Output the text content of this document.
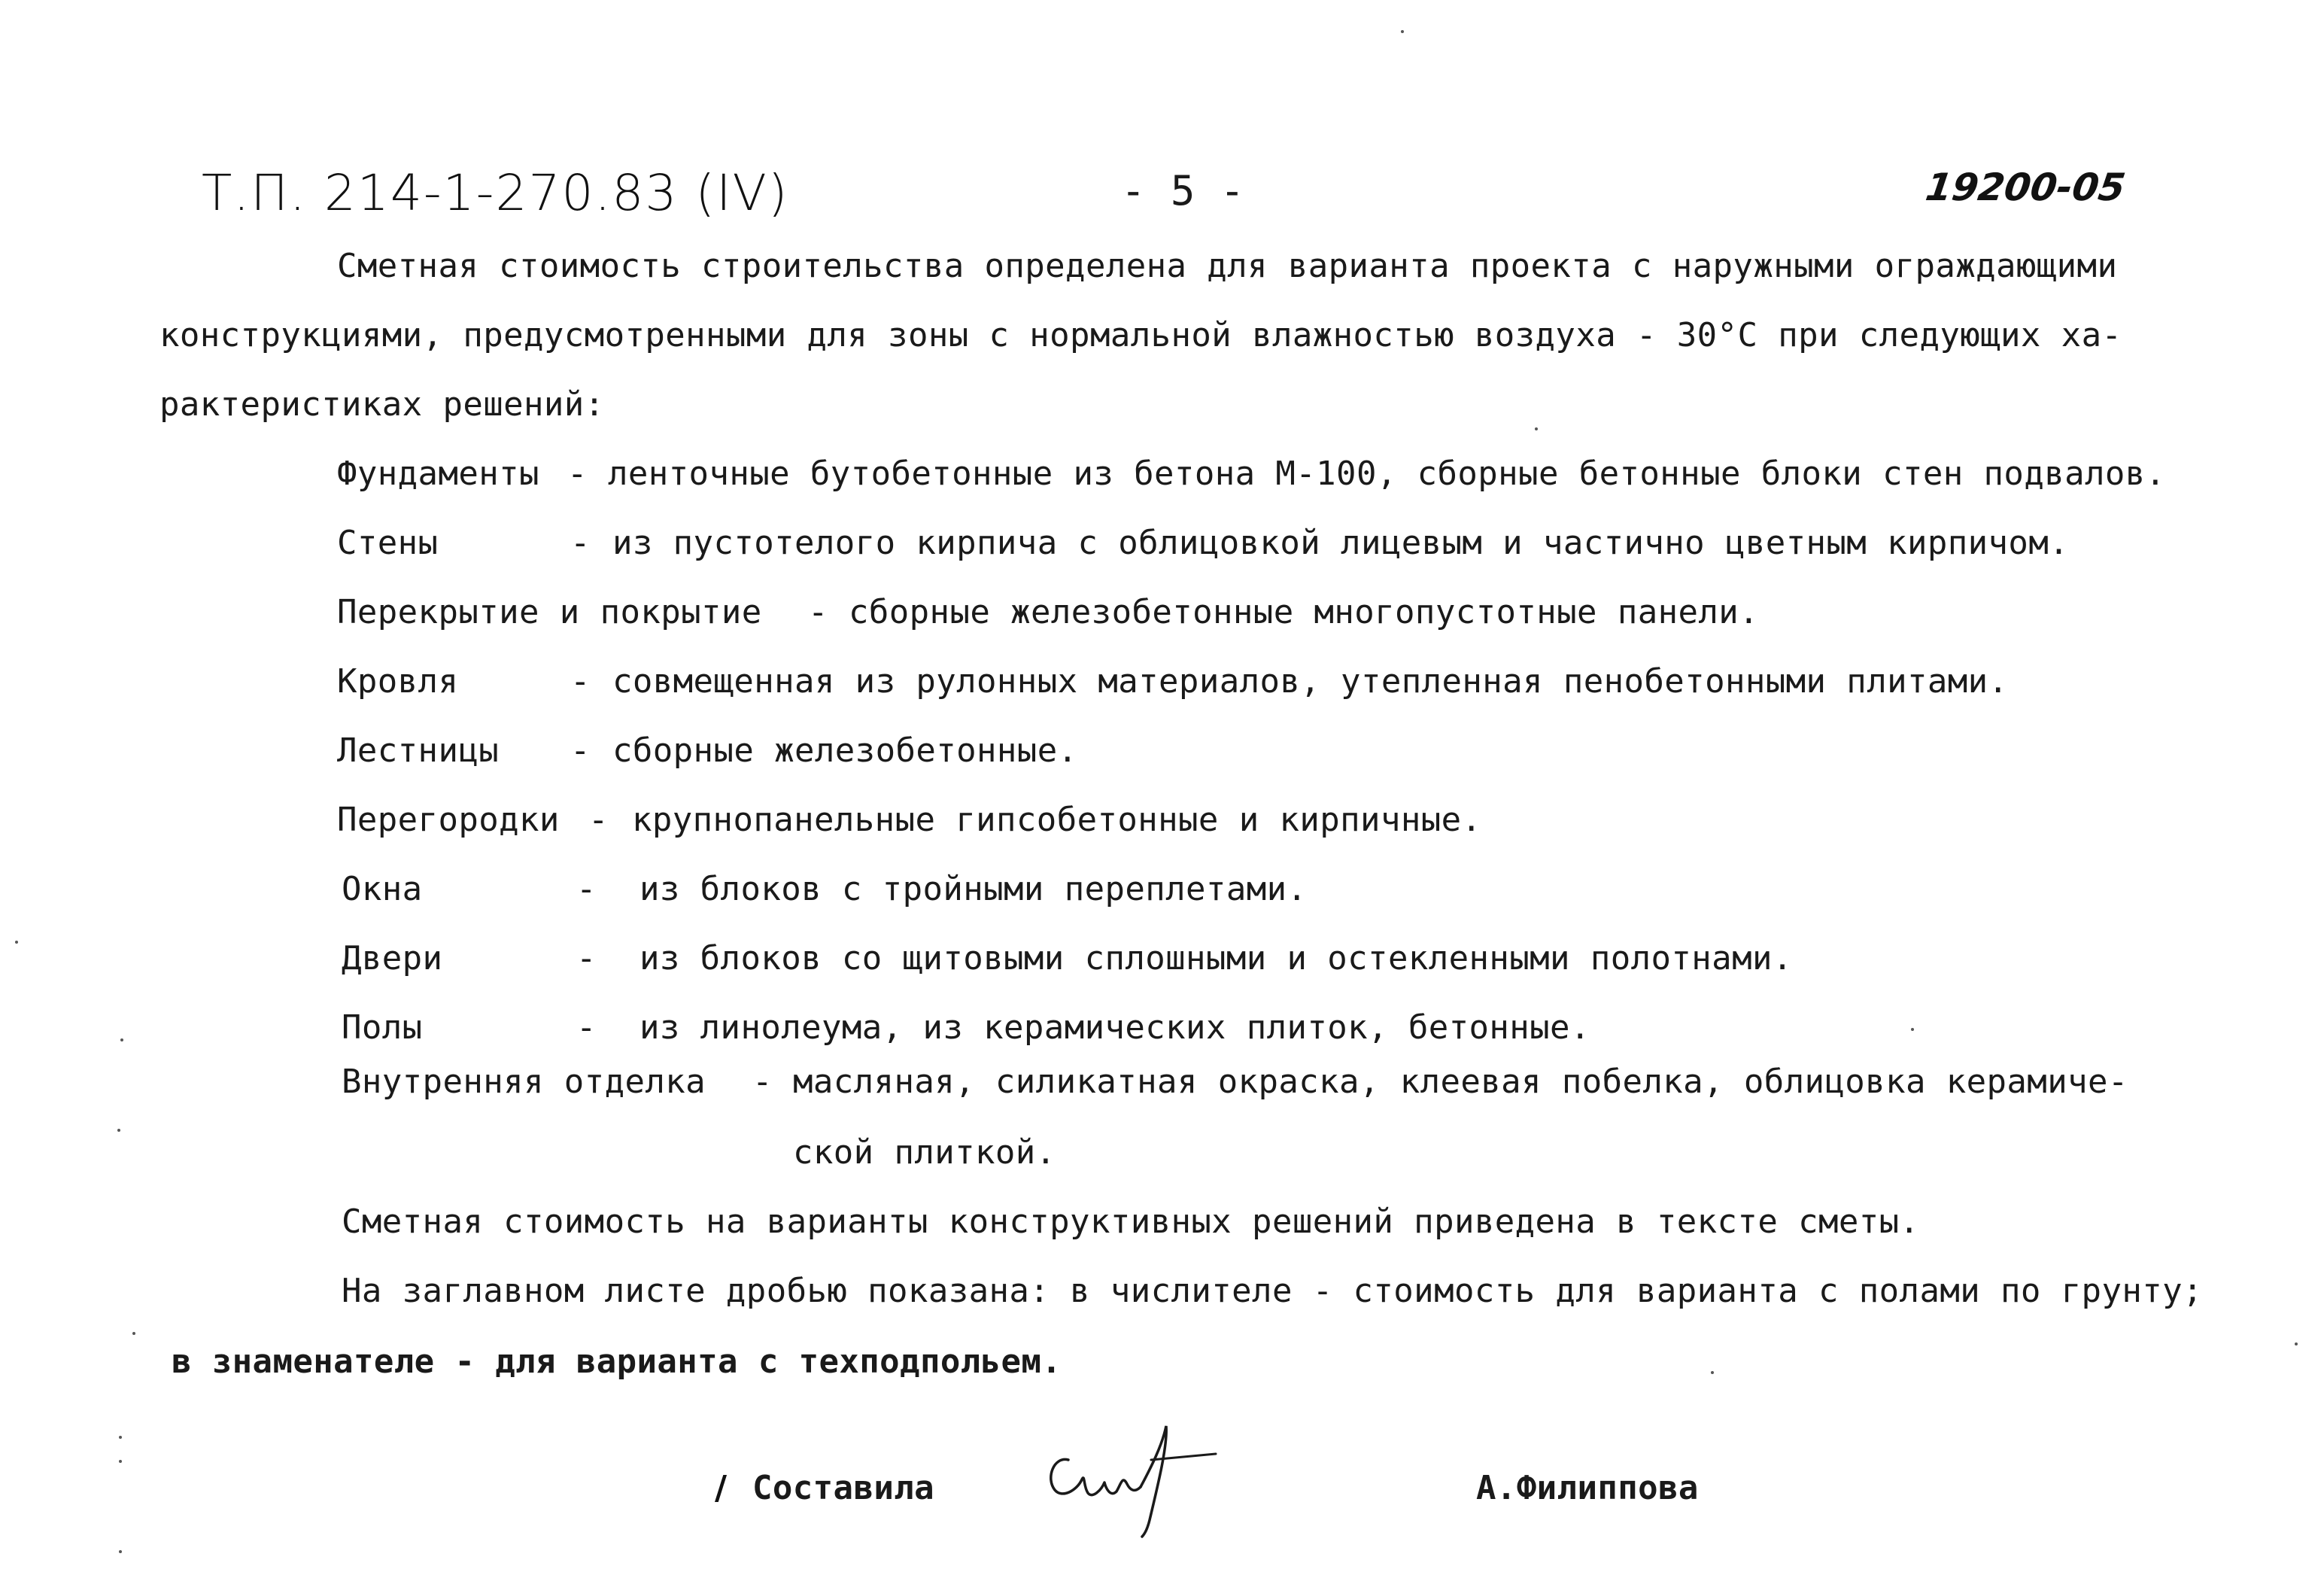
Т.П. 214-1-270.83 (IV)	- 5 -	19200-05
Сметная стоимость строительства определена для варианта проекта с наружными ограждающими
конструкциями, предусмотренными для зоны с нормальной влажностью воздуха - 30°С при следующих ха-
рактеристиках решений:
Фундаменты - ленточные бутобетонные из бетона М-100, сборные бетонные блоки стен подвалов.
Стены	- из пустотелого кирпича с облицовкой лицевым и частично цветным кирпичом.
Перекрытие и покрытие - сборные железобетонные многопустотные панели.
Кровля	- совмещенная из рулонных материалов, утепленная пенобетонными плитами.
Лестницы - сборные железобетонные.
Перегородки - крупнопанельные гипсобетонные и кирпичные.
Окна	- из блоков с тройными переплетами.
Двери	- из блоков со щитовыми сплошными и остекленными полотнами.
Полы	- из линолеума, из керамических плиток, бетонные.
Внутренняя отделка - масляная, силикатная окраска, клеевая побелка, облицовка керамиче-
ской плиткой.
Сметная стоимость на варианты конструктивных решений приведена в тексте сметы.
На заглавном листе дробью показана: в числителе - стоимость для варианта с полами по грунту;
в знаменателе - для варианта с техподпольем.
/ Составила	А.Филиппова
